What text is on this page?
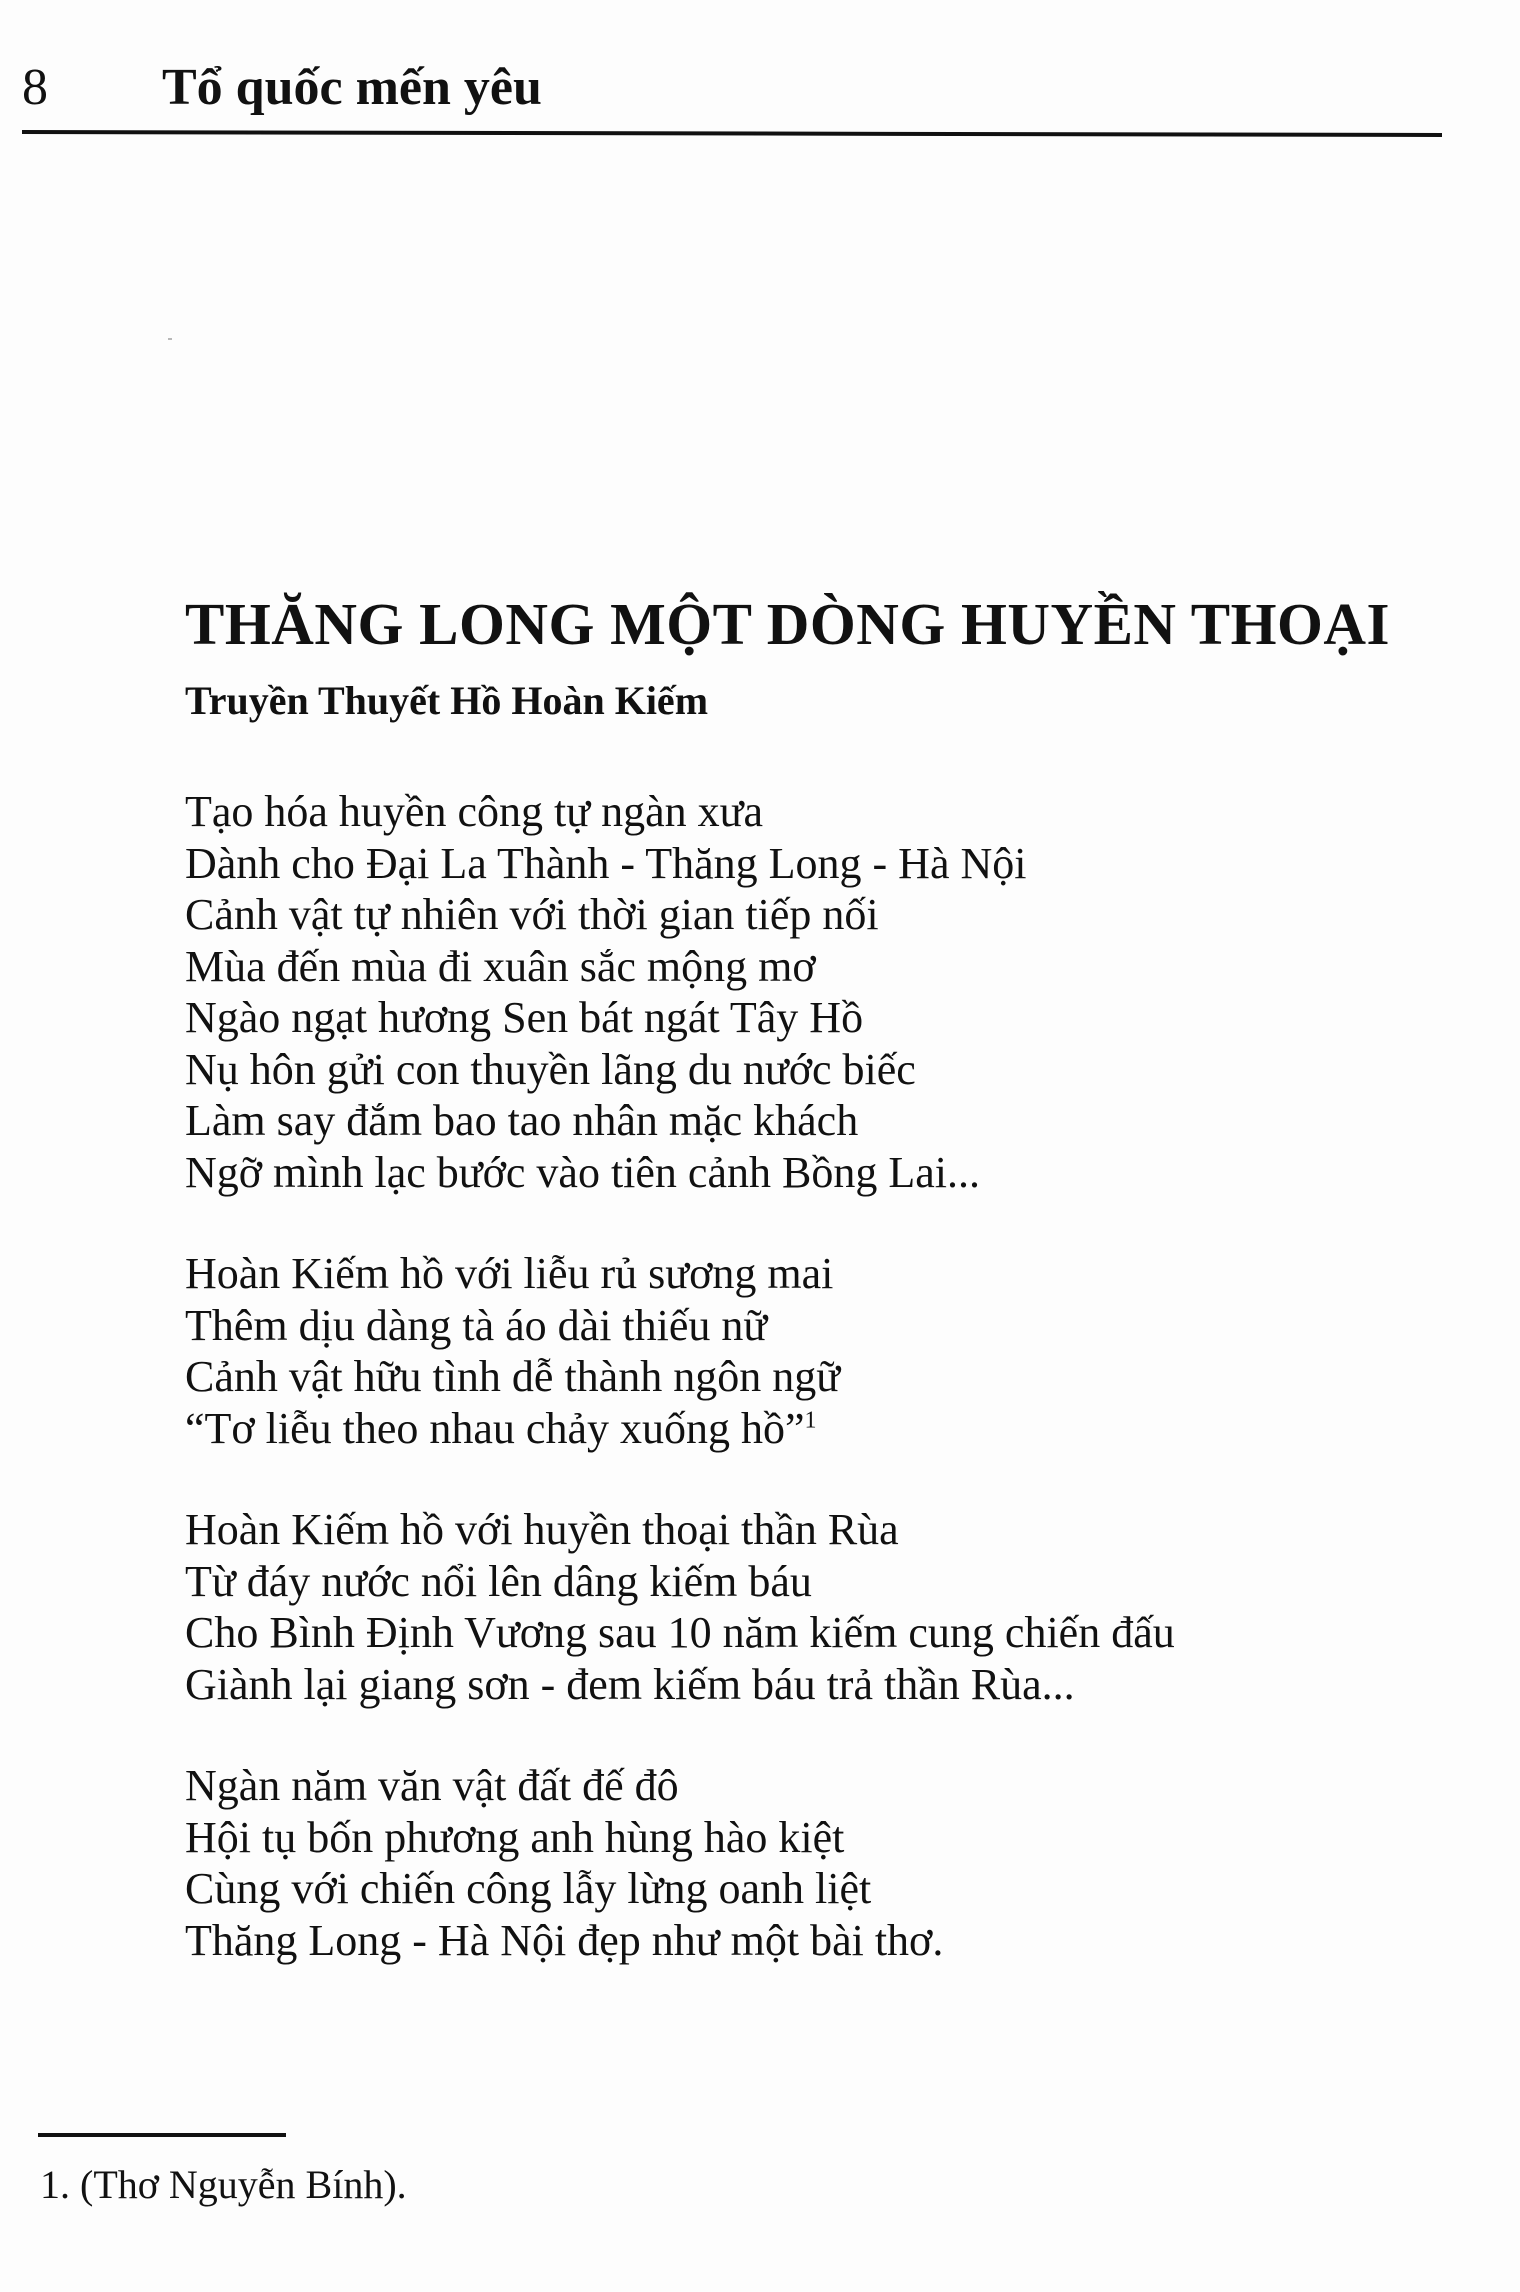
8 Tổ quốc mến yêu
THĂNG LONG MỘT DÒNG HUYỀN THOẠI
Truyền Thuyết Hồ Hoàn Kiếm
Tạo hóa huyền công tự ngàn xưa
Dành cho Đại La Thành - Thăng Long - Hà Nội
Cảnh vật tự nhiên với thời gian tiếp nối
Mùa đến mùa đi xuân sắc mộng mơ
Ngào ngạt hương Sen bát ngát Tây Hồ
Nụ hôn gửi con thuyền lãng du nước biếc
Làm say đắm bao tao nhân mặc khách
Ngỡ mình lạc bước vào tiên cảnh Bồng Lai...
Hoàn Kiếm hồ với liễu rủ sương mai
Thêm dịu dàng tà áo dài thiếu nữ
Cảnh vật hữu tình dễ thành ngôn ngữ
“Tơ liễu theo nhau chảy xuống hồ”$^1$
Hoàn Kiếm hồ với huyền thoại thần Rùa
Từ đáy nước nổi lên dâng kiếm báu
Cho Bình Định Vương sau 10 năm kiếm cung chiến đấu
Giành lại giang sơn - đem kiếm báu trả thần Rùa...
Ngàn năm văn vật đất đế đô
Hội tụ bốn phương anh hùng hào kiệt
Cùng với chiến công lẫy lừng oanh liệt
Thăng Long - Hà Nội đẹp như một bài thơ.
1. (Thơ Nguyễn Bính).
